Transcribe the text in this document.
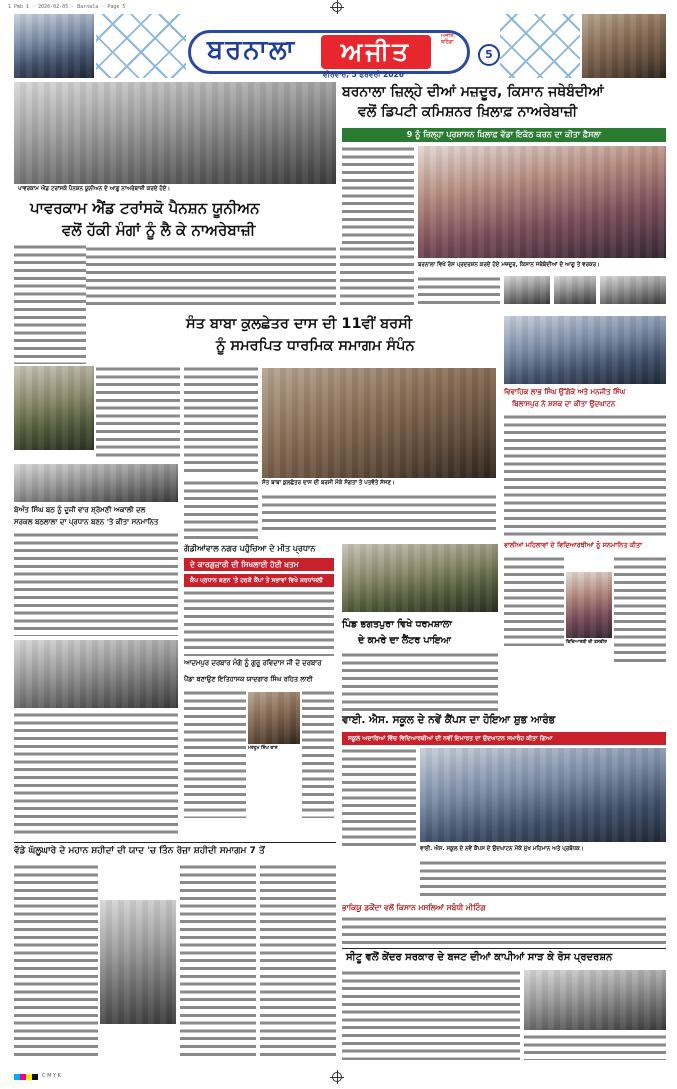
1 Pmb 1 · 2026-02-05 · Barnala · Page 5
ਬਰਨਾਲਾ	ਅਜੀਤ
ਅਜੀਤ, ਬਠਿੰਡਾ
ਵੀਰਵਾਰ, 5 ਫਰਵਰੀ 2026
5
ਪਾਵਰਕਾਮ ਐਂਡ ਟਰਾਂਸਕੋ ਪੈਨਸ਼ਨ ਯੂਨੀਅਨ ਦੇ ਆਗੂ ਨਾਅਰੇਬਾਜ਼ੀ ਕਰਦੇ ਹੋਏ।
ਬਰਨਾਲਾ ਜ਼ਿਲ੍ਹੇ ਦੀਆਂ ਮਜ਼ਦੂਰ, ਕਿਸਾਨ ਜਥੇਬੰਦੀਆਂ
ਵਲੋਂ ਡਿਪਟੀ ਕਮਿਸ਼ਨਰ ਖ਼ਿਲਾਫ਼ ਨਾਅਰੇਬਾਜ਼ੀ
9 ਨੂੰ ਜ਼ਿਲ੍ਹਾ ਪ੍ਰਸ਼ਾਸਨ ਖ਼ਿਲਾਫ਼ ਵੱਡਾ ਇਕੱਠ ਕਰਨ ਦਾ ਕੀਤਾ ਫ਼ੈਸਲਾ
ਬਰਨਾਲਾ ਵਿਖੇ ਰੋਸ ਪ੍ਰਦਰਸ਼ਨ ਕਰਦੇ ਹੋਏ ਮਜ਼ਦੂਰ, ਕਿਸਾਨ ਜਥੇਬੰਦੀਆਂ ਦੇ ਆਗੂ ਤੇ ਵਰਕਰ।
ਪਾਵਰਕਾਮ ਐਂਡ ਟਰਾਂਸਕੋ ਪੈਨਸ਼ਨ ਯੂਨੀਅਨ
ਵਲੋਂ ਹੱਕੀ ਮੰਗਾਂ ਨੂੰ ਲੈ ਕੇ ਨਾਅਰੇਬਾਜ਼ੀ
ਸੰਤ ਬਾਬਾ ਕੁਲਛੇਤਰ ਦਾਸ ਦੀ 11ਵੀਂ ਬਰਸੀ
ਨੂੰ ਸਮਰਪਿਤ ਧਾਰਮਿਕ ਸਮਾਗਮ ਸੰਪੰਨ
ਸੰਤ ਬਾਬਾ ਕੁਲਛੇਤਰ ਦਾਸ ਦੀ ਬਰਸੀ ਮੌਕੇ ਸੰਗਤਾਂ ਤੇ ਪਤਵੰਤੇ ਸੱਜਣ।
ਵਿਵਾਹਿਕ ਲਾਭ ਸਿੰਘ ਉੱਗੋਕੇ ਅਤੇ ਮਨਜੀਤ ਸਿੰਘ
ਬਿਲਾਸਪੁਰ ਨੇ ਸ਼ਸ਼ਕ ਦਾ ਕੀਤਾ ਉਦਘਾਟਨ
ਬੇਅੰਤ ਸਿੰਘ ਬਠ ਨੂੰ ਦੂਜੀ ਵਾਰ ਸ਼੍ਰੋਮਣੀ ਅਕਾਲੀ ਦਲ
ਸਰਕਲ ਬਠਲਾਲਾ ਦਾ ਪ੍ਰਧਾਨ ਬਣਨ 'ਤੇ ਕੀਤਾ ਸਨਮਾਨਿਤ
ਗੱਡੀਆਂਵਾਲ ਨਗਰ ਪਹੁੰਚਿਆ ਦੇ ਮੀਤ ਪ੍ਰਧਾਨ
ਦੇ ਕਾਰਗੁਜ਼ਾਰੀ ਦੀ ਸਿਖਲਾਈ ਹੋਈ ਖ਼ਤਮ
ਕੈਪ ਪ੍ਰਧਾਨ ਬਣਨ 'ਤੇ ਹਰਕੋ ਕੈਂਪਾਂ ਤੇ ਸਭਾਵਾਂ ਵਿਖੇ ਸ਼ਰਧਾਂਜਲੀ
ਪਿੰਡ ਭਗਤਪੁਰਾ ਵਿਖੇ ਧਰਮਸ਼ਾਲਾ
ਦੇ ਕਮਰੇ ਦਾ ਲੈਂਟਰ ਪਾਇਆ
ਵਾਲੀਆਂ ਮਹਿਲਾਵਾਂ ਦੇ ਵਿਦਿਆਰਥੀਆਂ ਨੂੰ ਸਨਮਾਨਿਤ ਕੀਤਾ
ਵਿਦਿਆਰਥੀ ਦੀ ਤਸਵੀਰ
ਆਦਮਪੁਰ ਦਰਬਾਰ ਮੰਗੇ ਨੂੰ ਗੁਰੂ ਰਵਿਦਾਸ ਜੀ ਦੇ ਦਰਬਾਰ
ਪੈਂਡਾ ਬਣਾਉਣ ਇਤਿਹਾਸਕ ਯਾਦਗਾਰ ਸਿੰਘ ਰਹਿਤ ਲਾਈ
ਮਰਹੂਮ ਸਿੰਘ ਦਾਸ
ਵਾਈ. ਐਸ. ਸਕੂਲ ਦੇ ਨਵੇਂ ਕੈਂਪਸ ਦਾ ਹੋਇਆ ਸ਼ੁਭ ਆਰੰਭ
ਸਕੂਲ ਅਦਾਰਿਆਂ ਵਿੱਚ ਵਿਦਿਆਰਥੀਆਂ ਦੀ ਨਵੀਂ ਇਮਾਰਤ ਦਾ ਉਦਘਾਟਨ ਸਮਾਰੋਹ ਕੀਤਾ ਗਿਆ
ਵਾਈ. ਐਸ. ਸਕੂਲ ਦੇ ਨਵੇਂ ਕੈਂਪਸ ਦੇ ਉਦਘਾਟਨ ਮੌਕੇ ਮੁੱਖ ਮਹਿਮਾਨ ਅਤੇ ਪ੍ਰਬੰਧਕ।
ਵੱਡੇ ਘੱਲੂਘਾਰੇ ਦੇ ਮਹਾਨ ਸ਼ਹੀਦਾਂ ਦੀ ਯਾਦ 'ਚ ਤਿੰਨ ਰੋਜ਼ਾ ਸ਼ਹੀਦੀ ਸਮਾਗਮ 7 ਤੋਂ
ਭਾਕਿਯੂ ਡਕੌਂਦਾ ਵਲੋਂ ਕਿਸਾਨ ਮਸਲਿਆਂ ਸਬੰਧੀ ਮੀਟਿੰਗ
ਸੀਟੂ ਵਲੋਂ ਕੇਂਦਰ ਸਰਕਾਰ ਦੇ ਬਜਟ ਦੀਆਂ ਕਾਪੀਆਂ ਸਾੜ ਕੇ ਰੋਸ ਪ੍ਰਦਰਸ਼ਨ
C M Y K
